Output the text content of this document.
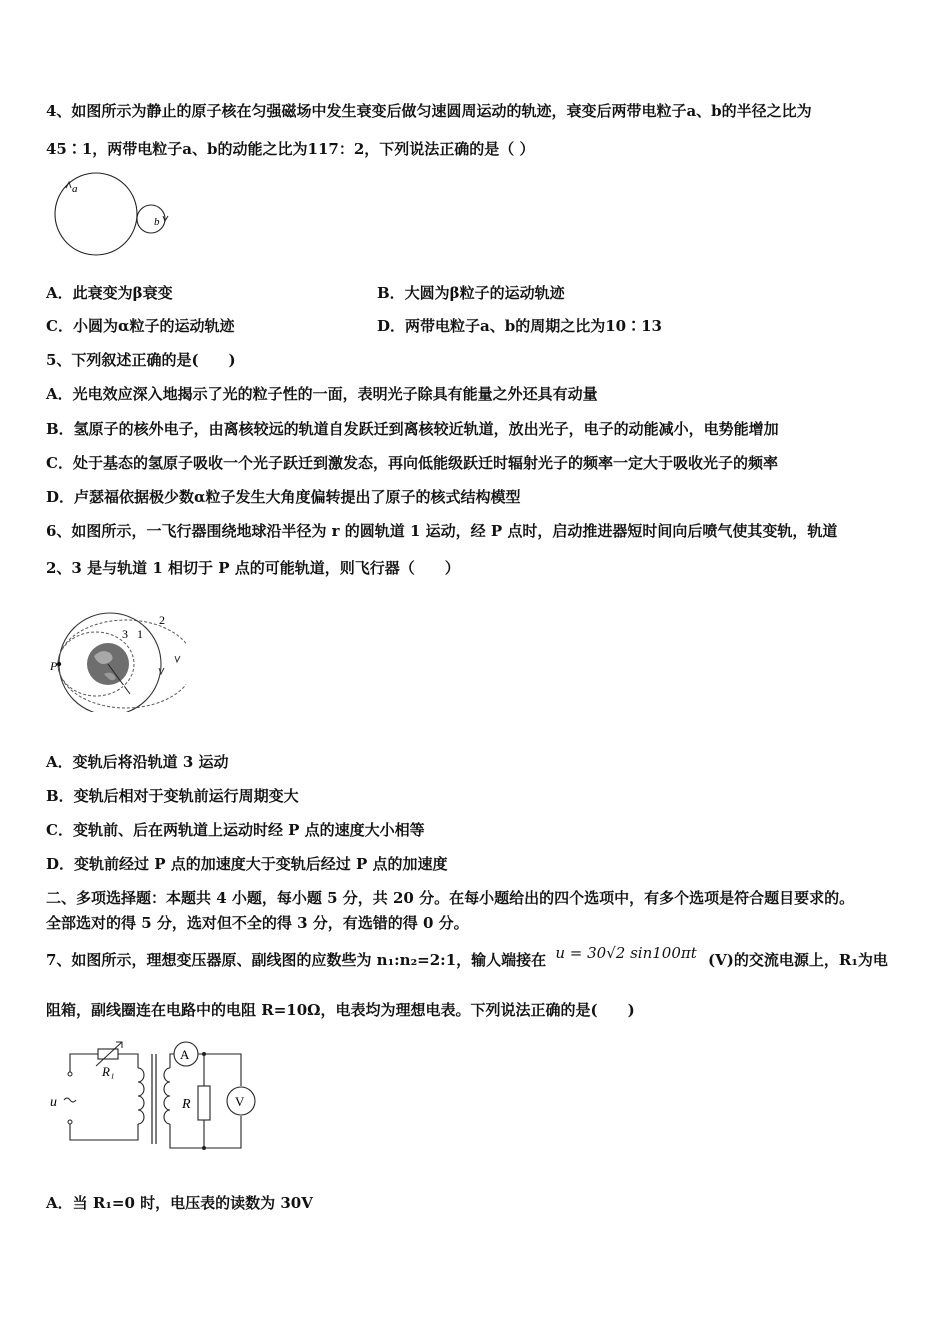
4、如图所示为静止的原子核在匀强磁场中发生衰变后做匀速圆周运动的轨迹，衰变后两带电粒子a、b的半径之比为
45∶1，两带电粒子a、b的动能之比为117：2，下列说法正确的是（ ）
a
b
A．此衰变为β衰变	B．大圆为β粒子的运动轨迹
C．小圆为α粒子的运动轨迹	D．两带电粒子a、b的周期之比为10∶13
5、下列叙述正确的是(　　)
A．光电效应深入地揭示了光的粒子性的一面，表明光子除具有能量之外还具有动量
B．氢原子的核外电子，由离核较远的轨道自发跃迁到离核较近轨道，放出光子，电子的动能减小，电势能增加
C．处于基态的氢原子吸收一个光子跃迁到激发态，再向低能级跃迁时辐射光子的频率一定大于吸收光子的频率
D．卢瑟福依据极少数α粒子发生大角度偏转提出了原子的核式结构模型
6、如图所示，一飞行器围绕地球沿半径为 r 的圆轨道 1 运动，经 P 点时，启动推进器短时间向后喷气使其变轨，轨道
2、3 是与轨道 1 相切于 P 点的可能轨道，则飞行器（　　）
P
2
1
3
r
A．变轨后将沿轨道 3 运动
B．变轨后相对于变轨前运行周期变大
C．变轨前、后在两轨道上运动时经 P 点的速度大小相等
D．变轨前经过 P 点的加速度大于变轨后经过 P 点的加速度
二、多项选择题：本题共 4 小题，每小题 5 分，共 20 分。在每小题给出的四个选项中，有多个选项是符合题目要求的。
全部选对的得 5 分，选对但不全的得 3 分，有选错的得 0 分。
7、如图所示，理想变压器原、副线图的应数些为 n₁:n₂=2:1，输人端接在 u = 30√2 sin100πt (V)的交流电源上，R₁为电
阻箱，副线圈连在电路中的电阻 R=10Ω，电表均为理想电表。下列说法正确的是(　　)
A
V
R
R₁
u
A．当 R₁=0 时，电压表的读数为 30V
